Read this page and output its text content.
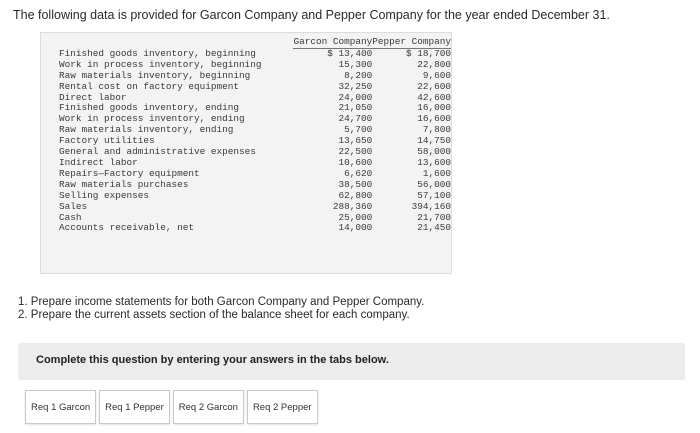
The following data is provided for Garcon Company and Pepper Company for the year ended December 31.
	Garcon Company	Pepper Company
Finished goods inventory, beginning	$ 13,400	$ 18,700
Work in process inventory, beginning	15,300	22,800
Raw materials inventory, beginning	8,200	9,600
Rental cost on factory equipment	32,250	22,600
Direct labor	24,000	42,600
Finished goods inventory, ending	21,050	16,000
Work in process inventory, ending	24,700	16,600
Raw materials inventory, ending	5,700	7,800
Factory utilities	13,650	14,750
General and administrative expenses	22,500	58,000
Indirect labor	10,600	13,600
Repairs—Factory equipment	6,620	1,600
Raw materials purchases	38,500	56,000
Selling expenses	62,800	57,100
Sales	288,360	394,160
Cash	25,000	21,700
Accounts receivable, net	14,000	21,450
1. Prepare income statements for both Garcon Company and Pepper Company.
2. Prepare the current assets section of the balance sheet for each company.
Complete this question by entering your answers in the tabs below.
Req 1 Garcon	Req 1 Pepper	Req 2 Garcon	Req 2 Pepper
